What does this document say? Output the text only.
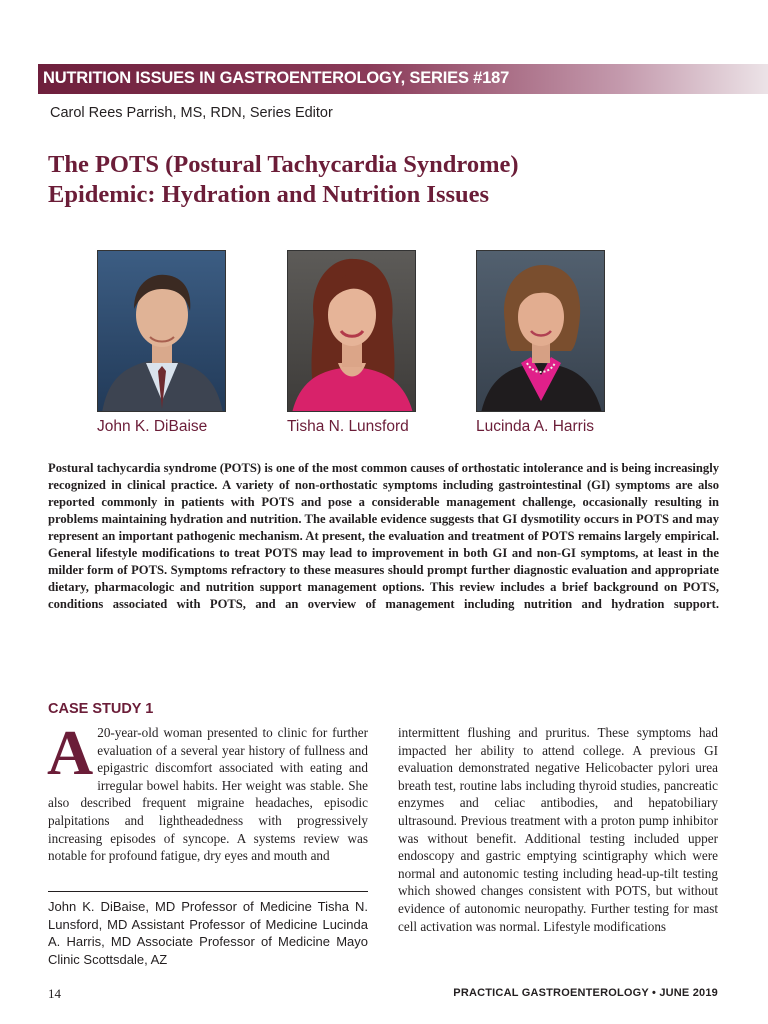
NUTRITION ISSUES IN GASTROENTEROLOGY, SERIES #187
Carol Rees Parrish, MS, RDN, Series Editor
The POTS (Postural Tachycardia Syndrome)
Epidemic: Hydration and Nutrition Issues
John K. DiBaise	Tisha N. Lunsford	Lucinda A. Harris
Postural tachycardia syndrome (POTS) is one of the most common causes of orthostatic intolerance and is being increasingly recognized in clinical practice. A variety of non-orthostatic symptoms including gastrointestinal (GI) symptoms are also reported commonly in patients with POTS and pose a considerable management challenge, occasionally resulting in problems maintaining hydration and nutrition. The available evidence suggests that GI dysmotility occurs in POTS and may represent an important pathogenic mechanism. At present, the evaluation and treatment of POTS remains largely empirical. General lifestyle modifications to treat POTS may lead to improvement in both GI and non-GI symptoms, at least in the milder form of POTS. Symptoms refractory to these measures should prompt further diagnostic evaluation and appropriate dietary, pharmacologic and nutrition support management options. This review includes a brief background on POTS, conditions associated with POTS, and an overview of management including nutrition and hydration support.
CASE STUDY 1
A 20-year-old woman presented to clinic for further evaluation of a several year history of fullness and epigastric discomfort associated with eating and irregular bowel habits. Her weight was stable. She also described frequent migraine headaches, episodic palpitations and lightheadedness with progressively increasing episodes of syncope. A systems review was notable for profound fatigue, dry eyes and mouth and
intermittent flushing and pruritus. These symptoms had impacted her ability to attend college. A previous GI evaluation demonstrated negative Helicobacter pylori urea breath test, routine labs including thyroid studies, pancreatic enzymes and celiac antibodies, and hepatobiliary ultrasound. Previous treatment with a proton pump inhibitor was without benefit. Additional testing included upper endoscopy and gastric emptying scintigraphy which were normal and autonomic testing including head-up-tilt testing which showed changes consistent with POTS, but without evidence of autonomic neuropathy. Further testing for mast cell activation was normal. Lifestyle modifications
John K. DiBaise, MD Professor of Medicine Tisha N. Lunsford, MD Assistant Professor of Medicine Lucinda A. Harris, MD Associate Professor of Medicine Mayo Clinic Scottsdale, AZ
14	PRACTICAL GASTROENTEROLOGY • JUNE 2019
